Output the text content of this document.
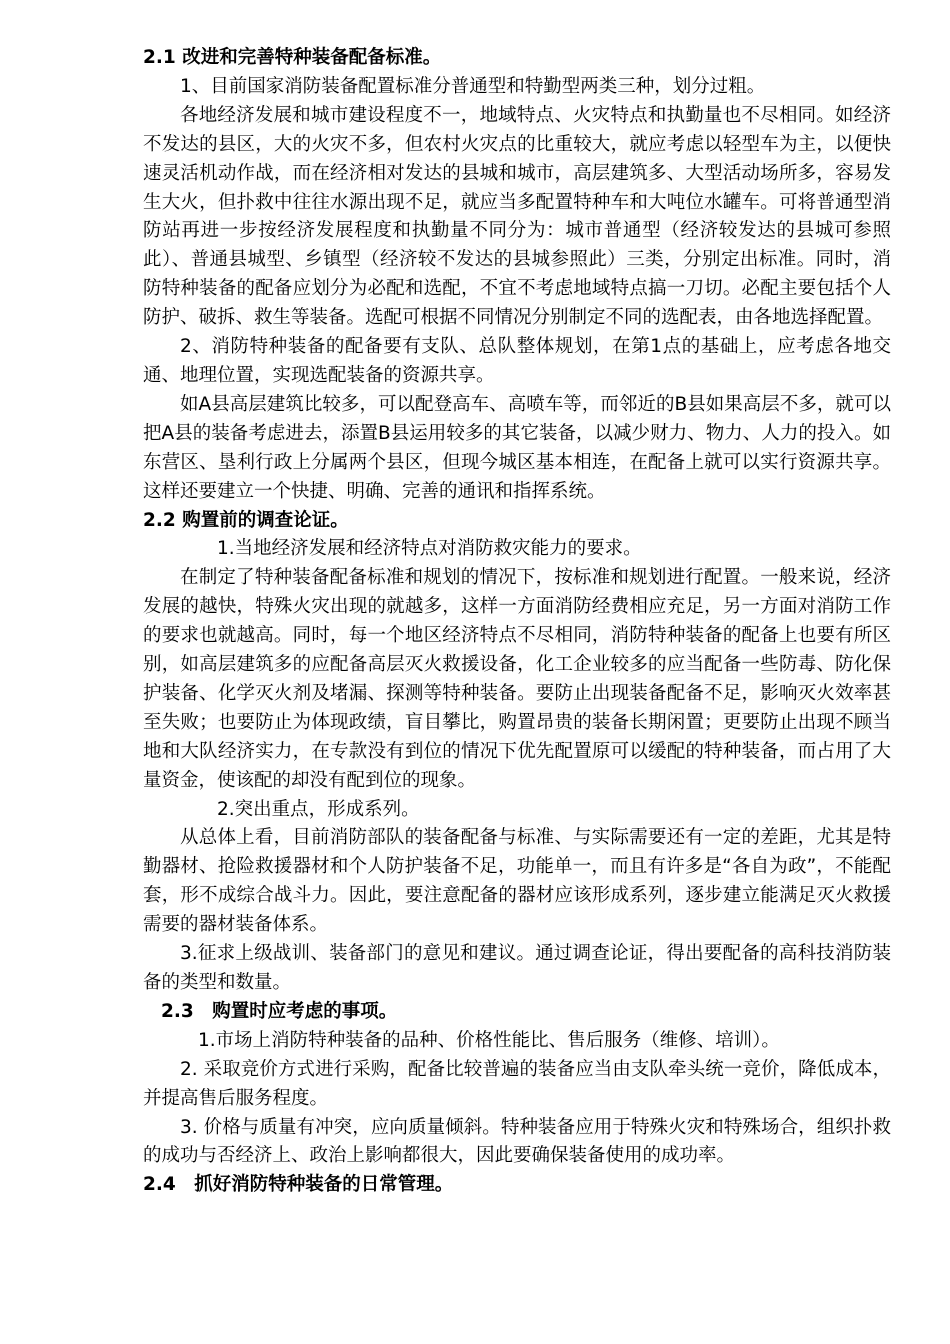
2.1 改进和完善特种装备配备标准。

1、目前国家消防装备配置标准分普通型和特勤型两类三种，划分过粗。

各地经济发展和城市建设程度不一，地域特点、火灾特点和执勤量也不尽相同。如经济不发达的县区，大的火灾不多，但农村火灾点的比重较大，就应考虑以轻型车为主，以便快速灵活机动作战，而在经济相对发达的县城和城市，高层建筑多、大型活动场所多，容易发生大火，但扑救中往往水源出现不足，就应当多配置特种车和大吨位水罐车。可将普通型消防站再进一步按经济发展程度和执勤量不同分为：城市普通型（经济较发达的县城可参照此）、普通县城型、乡镇型（经济较不发达的县城参照此）三类，分别定出标准。同时，消防特种装备的配备应划分为必配和选配，不宜不考虑地域特点搞一刀切。必配主要包括个人防护、破拆、救生等装备。选配可根据不同情况分别制定不同的选配表，由各地选择配置。

2、消防特种装备的配备要有支队、总队整体规划，在第1点的基础上，应考虑各地交通、地理位置，实现选配装备的资源共享。

如A县高层建筑比较多，可以配登高车、高喷车等，而邻近的B县如果高层不多，就可以把A县的装备考虑进去，添置B县运用较多的其它装备，以减少财力、物力、人力的投入。如东营区、垦利行政上分属两个县区，但现今城区基本相连，在配备上就可以实行资源共享。这样还要建立一个快捷、明确、完善的通讯和指挥系统。

2.2 购置前的调查论证。

1.当地经济发展和经济特点对消防救灾能力的要求。

在制定了特种装备配备标准和规划的情况下，按标准和规划进行配置。一般来说，经济发展的越快，特殊火灾出现的就越多，这样一方面消防经费相应充足，另一方面对消防工作的要求也就越高。同时，每一个地区经济特点不尽相同，消防特种装备的配备上也要有所区别，如高层建筑多的应配备高层灭火救援设备，化工企业较多的应当配备一些防毒、防化保护装备、化学灭火剂及堵漏、探测等特种装备。要防止出现装备配备不足，影响灭火效率甚至失败；也要防止为体现政绩，盲目攀比，购置昂贵的装备长期闲置；更要防止出现不顾当地和大队经济实力，在专款没有到位的情况下优先配置原可以缓配的特种装备，而占用了大量资金，使该配的却没有配到位的现象。

2.突出重点，形成系列。

从总体上看，目前消防部队的装备配备与标准、与实际需要还有一定的差距，尤其是特勤器材、抢险救援器材和个人防护装备不足，功能单一，而且有许多是“各自为政”，不能配套，形不成综合战斗力。因此，要注意配备的器材应该形成系列，逐步建立能满足灭火救援需要的器材装备体系。

3.征求上级战训、装备部门的意见和建议。通过调查论证，得出要配备的高科技消防装备的类型和数量。

2.3　购置时应考虑的事项。

1.市场上消防特种装备的品种、价格性能比、售后服务（维修、培训）。

2. 采取竞价方式进行采购，配备比较普遍的装备应当由支队牵头统一竞价，降低成本，并提高售后服务程度。

3. 价格与质量有冲突，应向质量倾斜。特种装备应用于特殊火灾和特殊场合，组织扑救的成功与否经济上、政治上影响都很大，因此要确保装备使用的成功率。

2.4　抓好消防特种装备的日常管理。
